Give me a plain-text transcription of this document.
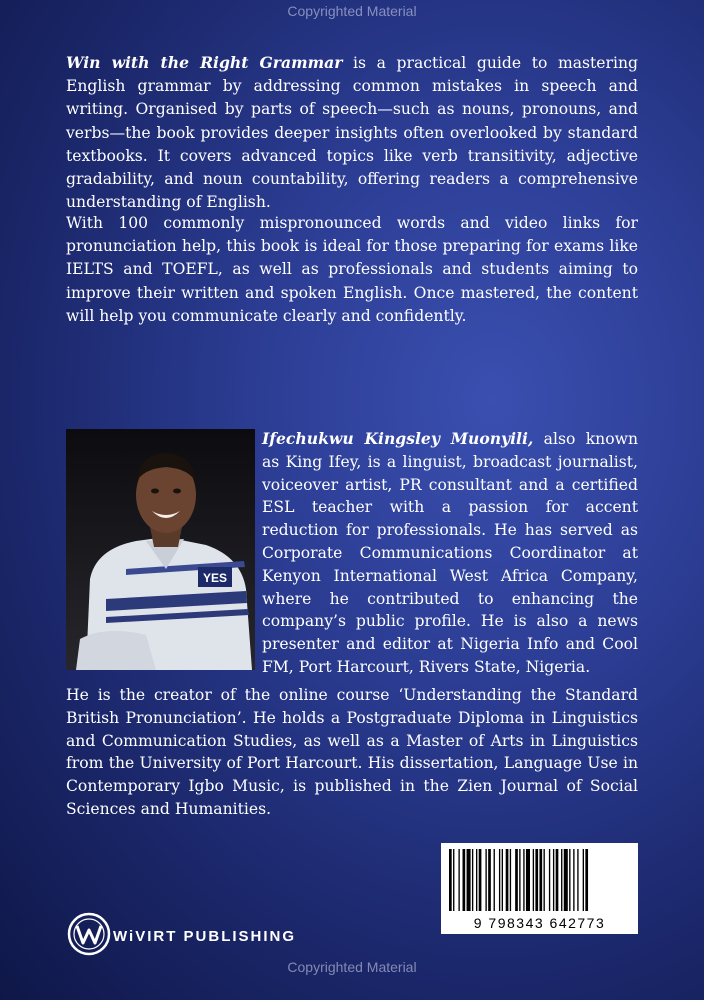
Copyrighted Material

Win with the Right Grammar is a practical guide to mastering English grammar by addressing common mistakes in speech and writing. Organised by parts of speech—such as nouns, pronouns, and verbs—the book provides deeper insights often overlooked by standard textbooks. It covers advanced topics like verb transitivity, adjective gradability, and noun countability, offering readers a comprehensive understanding of English.

With 100 commonly mispronounced words and video links for pronunciation help, this book is ideal for those preparing for exams like IELTS and TOEFL, as well as professionals and students aiming to improve their written and spoken English. Once mastered, the content will help you communicate clearly and confidently.

YES

Ifechukwu Kingsley Muonyili, also known as King Ifey, is a linguist, broadcast journalist, voiceover artist, PR consultant and a certified ESL teacher with a passion for accent reduction for professionals. He has served as Corporate Communications Coordinator at Kenyon International West Africa Company, where he contributed to enhancing the company’s public profile. He is also a news presenter and editor at Nigeria Info and Cool FM, Port Harcourt, Rivers State, Nigeria.

He is the creator of the online course ‘Understanding the Standard British Pronunciation’. He holds a Postgraduate Diploma in Linguistics and Communication Studies, as well as a Master of Arts in Linguistics from the University of Port Harcourt. His dissertation, Language Use in Contemporary Igbo Music, is published in the Zien Journal of Social Sciences and Humanities.

9 798343 642773
WiVIRT PUBLISHING
Copyrighted Material
